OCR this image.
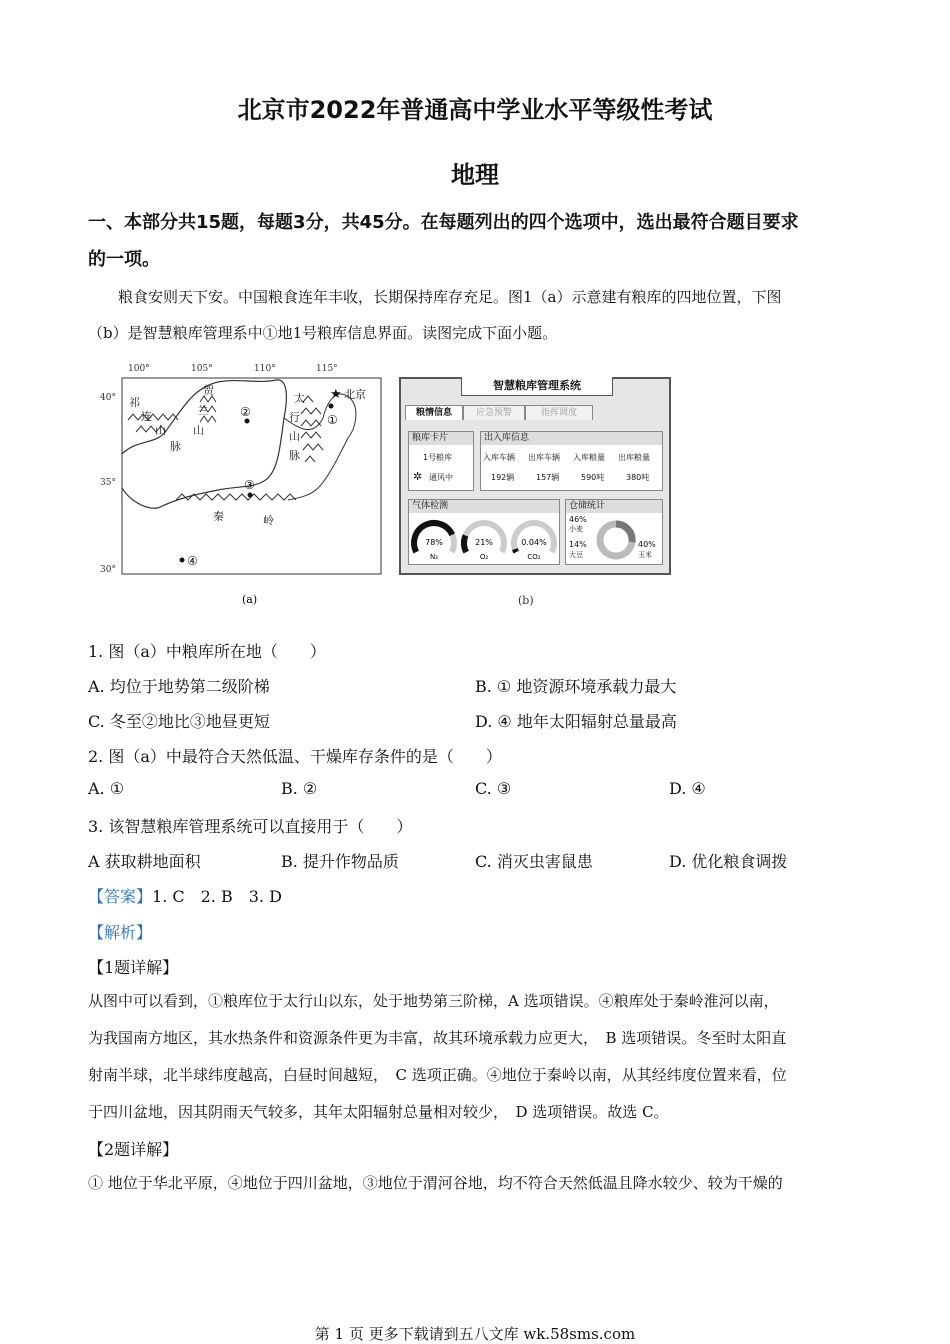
北京市2022年普通高中学业水平等级性考试
地理
一、本部分共15题，每题3分，共45分。在每题列出的四个选项中，选出最符合题目要求
的一项。
粮食安则天下安。中国粮食连年丰收，长期保持库存充足。图1（a）示意建有粮库的四地位置，下图
（b）是智慧粮库管理系中①地1号粮库信息界面。读图完成下面小题。
100°	105°	110°	115°
40°
35°
30°
祁
连
山
脉
贺
兰
山
太
行
山
脉
秦	岭
★ 北京
①
②
③
④
(a)
智慧粮库管理系统
粮情信息	应急预警	指挥调度
粮库卡片
1号粮库
✲ 通风中
出入库信息
入库车辆 出库车辆 入库粮量 出库粮量
192辆	157辆	590吨	380吨
气体检测
78%
N₂
21%
O₂
0.04%
CO₂
仓储统计
46%
小麦
14%
大豆
40%
玉米
(b)
1. 图（a）中粮库所在地（　　）
A. 均位于地势第二级阶梯	B. ① 地资源环境承载力最大
C. 冬至②地比③地昼更短	D. ④ 地年太阳辐射总量最高
2. 图（a）中最符合天然低温、干燥库存条件的是（　　）
A. ①	B. ②	C. ③	D. ④
3. 该智慧粮库管理系统可以直接用于（　　）
A 获取耕地面积	B. 提升作物品质	C. 消灭虫害鼠患	D. 优化粮食调拨
【答案】1. C　2. B　3. D
【解析】
【1题详解】
从图中可以看到，①粮库位于太行山以东，处于地势第三阶梯，A 选项错误。④粮库处于秦岭淮河以南，
为我国南方地区，其水热条件和资源条件更为丰富，故其环境承载力应更大，　B 选项错误。冬至时太阳直
射南半球，北半球纬度越高，白昼时间越短，　C 选项正确。④地位于秦岭以南，从其经纬度位置来看，位
于四川盆地，因其阴雨天气较多，其年太阳辐射总量相对较少，　D 选项错误。故选 C。
【2题详解】
① 地位于华北平原，④地位于四川盆地，③地位于渭河谷地，均不符合天然低温且降水较少、较为干燥的
第 1 页 更多下载请到五八文库 wk.58sms.com
